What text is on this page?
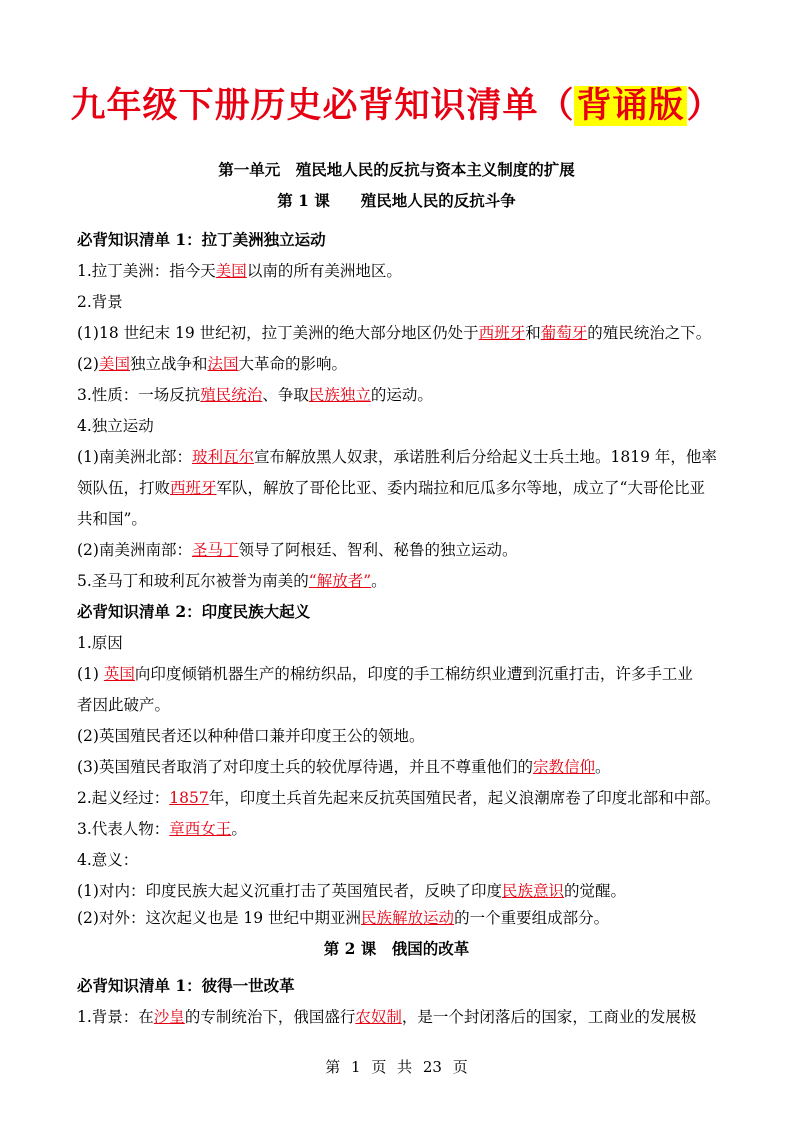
九年级下册历史必背知识清单（背诵版）
第一单元　殖民地人民的反抗与资本主义制度的扩展
第 1 课　　殖民地人民的反抗斗争
必背知识清单 1：拉丁美洲独立运动
1.拉丁美洲：指今天美国以南的所有美洲地区。
2.背景
(1)18 世纪末 19 世纪初，拉丁美洲的绝大部分地区仍处于西班牙和葡萄牙的殖民统治之下。
(2)美国独立战争和法国大革命的影响。
3.性质：一场反抗殖民统治、争取民族独立的运动。
4.独立运动
(1)南美洲北部：玻利瓦尔宣布解放黑人奴隶，承诺胜利后分给起义士兵土地。1819 年，他率
领队伍，打败西班牙军队，解放了哥伦比亚、委内瑞拉和厄瓜多尔等地，成立了“大哥伦比亚
共和国”。
(2)南美洲南部：圣马丁领导了阿根廷、智利、秘鲁的独立运动。
5.圣马丁和玻利瓦尔被誉为南美的“解放者”。
必背知识清单 2：印度民族大起义
1.原因
(1) 英国向印度倾销机器生产的棉纺织品，印度的手工棉纺织业遭到沉重打击，许多手工业
者因此破产。
(2)英国殖民者还以种种借口兼并印度王公的领地。
(3)英国殖民者取消了对印度土兵的较优厚待遇，并且不尊重他们的宗教信仰。
2.起义经过：1857年，印度土兵首先起来反抗英国殖民者，起义浪潮席卷了印度北部和中部。
3.代表人物：章西女王。
4.意义：
(1)对内：印度民族大起义沉重打击了英国殖民者，反映了印度民族意识的觉醒。
(2)对外：这次起义也是 19 世纪中期亚洲民族解放运动的一个重要组成部分。
第 2 课　俄国的改革
必背知识清单 1：彼得一世改革
1.背景：在沙皇的专制统治下，俄国盛行农奴制，是一个封闭落后的国家，工商业的发展极
第 1 页 共 23 页
